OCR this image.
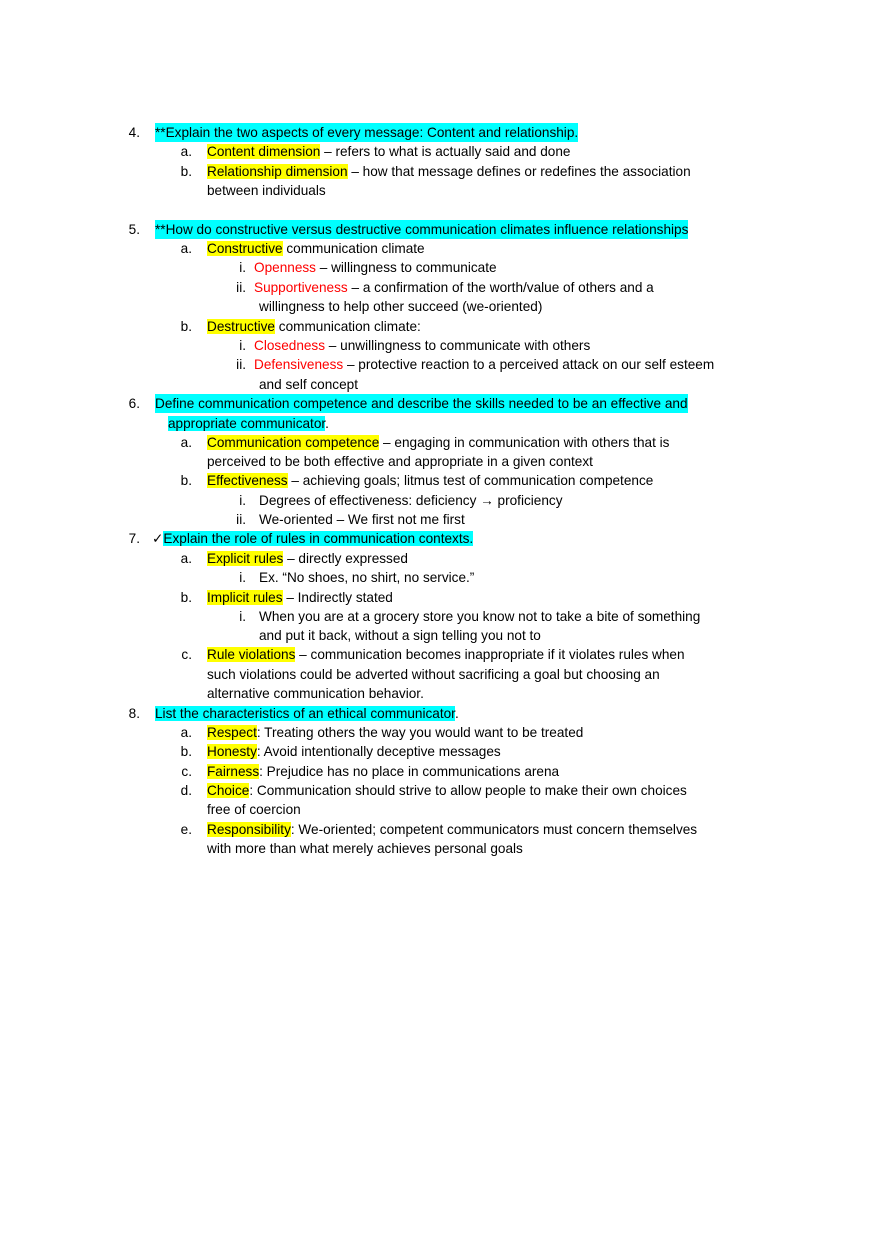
4. **Explain the two aspects of every message: Content and relationship.
a. Content dimension – refers to what is actually said and done
b. Relationship dimension – how that message defines or redefines the association
between individuals
5. **How do constructive versus destructive communication climates influence relationships
a. Constructive communication climate
i. Openness – willingness to communicate
ii. Supportiveness – a confirmation of the worth/value of others and a
willingness to help other succeed (we-oriented)
b. Destructive communication climate:
i. Closedness – unwillingness to communicate with others
ii. Defensiveness – protective reaction to a perceived attack on our self esteem
and self concept
6. Define communication competence and describe the skills needed to be an effective and
appropriate communicator.
a. Communication competence – engaging in communication with others that is
perceived to be both effective and appropriate in a given context
b. Effectiveness – achieving goals; litmus test of communication competence
i. Degrees of effectiveness: deficiency → proficiency
ii. We-oriented – We first not me first
7. ✓Explain the role of rules in communication contexts.
a. Explicit rules – directly expressed
i. Ex. “No shoes, no shirt, no service.”
b. Implicit rules – Indirectly stated
i. When you are at a grocery store you know not to take a bite of something
and put it back, without a sign telling you not to
c. Rule violations – communication becomes inappropriate if it violates rules when
such violations could be adverted without sacrificing a goal but choosing an
alternative communication behavior.
8. List the characteristics of an ethical communicator.
a. Respect: Treating others the way you would want to be treated
b. Honesty: Avoid intentionally deceptive messages
c. Fairness: Prejudice has no place in communications arena
d. Choice: Communication should strive to allow people to make their own choices
free of coercion
e. Responsibility: We-oriented; competent communicators must concern themselves
with more than what merely achieves personal goals
